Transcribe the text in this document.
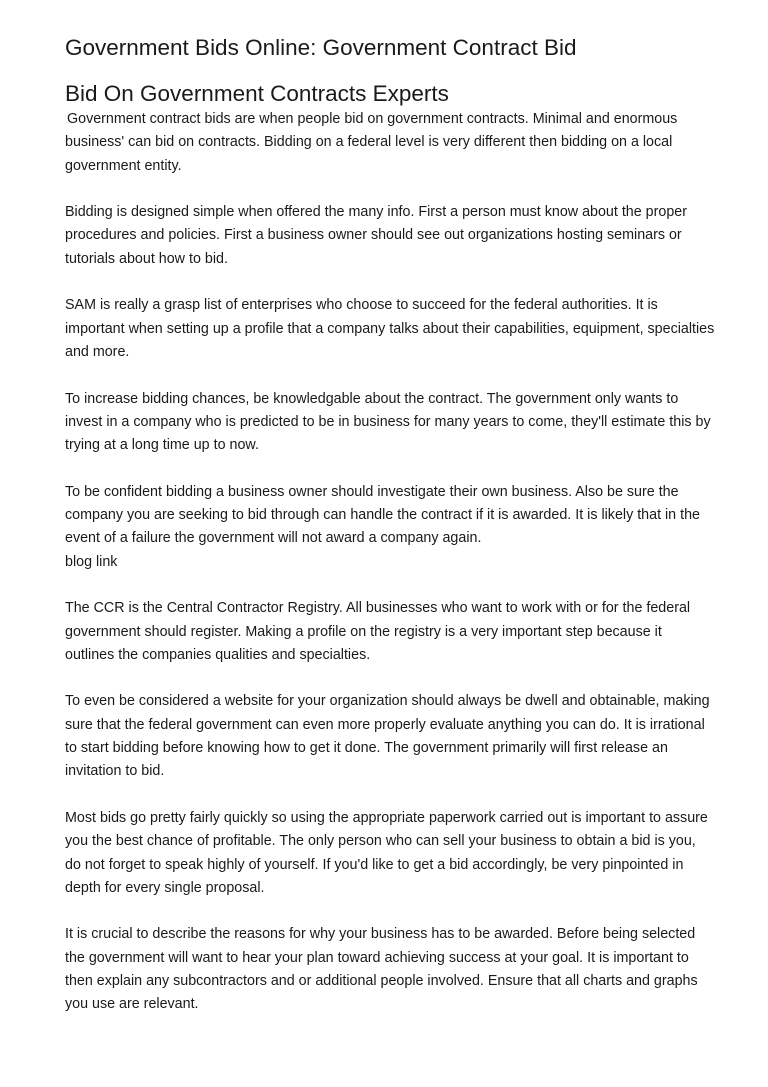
Government Bids Online: Government Contract Bid
Bid On Government Contracts Experts

Government contract bids are when people bid on government contracts. Minimal and enormous business' can bid on contracts. Bidding on a federal level is very different then bidding on a local government entity.

Bidding is designed simple when offered the many info. First a person must know about the proper procedures and policies. First a business owner should see out organizations hosting seminars or tutorials about how to bid.

SAM is really a grasp list of enterprises who choose to succeed for the federal authorities. It is important when setting up a profile that a company talks about their capabilities, equipment, specialties and more.

To increase bidding chances, be knowledgable about the contract. The government only wants to invest in a company who is predicted to be in business for many years to come, they'll estimate this by trying at a long time up to now.

To be confident bidding a business owner should investigate their own business. Also be sure the company you are seeking to bid through can handle the contract if it is awarded. It is likely that in the event of a failure the government will not award a company again.
blog link

The CCR is the Central Contractor Registry. All businesses who want to work with or for the federal government should register. Making a profile on the registry is a very important step because it outlines the companies qualities and specialties.

To even be considered a website for your organization should always be dwell and obtainable, making sure that the federal government can even more properly evaluate anything you can do. It is irrational to start bidding before knowing how to get it done. The government primarily will first release an invitation to bid.

Most bids go pretty fairly quickly so using the appropriate paperwork carried out is important to assure you the best chance of profitable. The only person who can sell your business to obtain a bid is you, do not forget to speak highly of yourself. If you'd like to get a bid accordingly, be very pinpointed in depth for every single proposal.

It is crucial to describe the reasons for why your business has to be awarded. Before being selected the government will want to hear your plan toward achieving success at your goal. It is important to then explain any subcontractors and or additional people involved. Ensure that all charts and graphs you use are relevant.
